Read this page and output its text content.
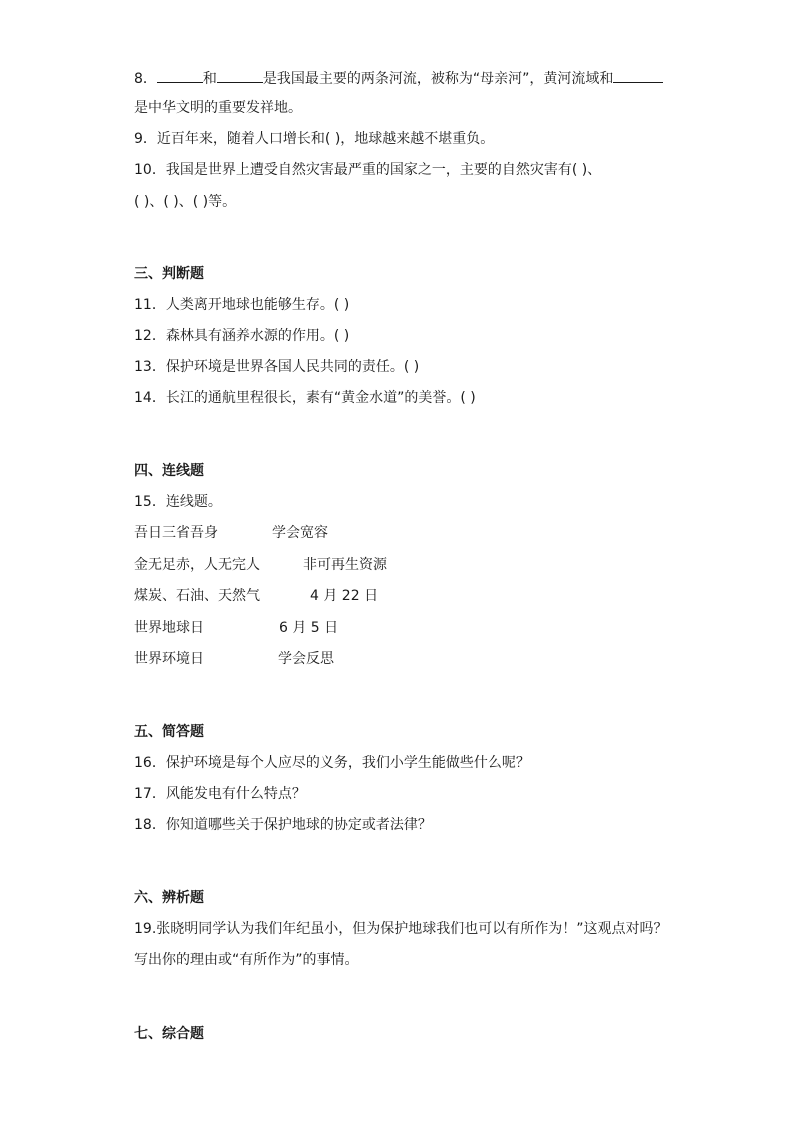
8．	和	是我国最主要的两条河流，被称为“母亲河”，黄河流域和
是中华文明的重要发祥地。
9．近百年来，随着人口增长和( )，地球越来越不堪重负。
10．我国是世界上遭受自然灾害最严重的国家之一，主要的自然灾害有( )、
( )、( )、( )等。
三、判断题
11．人类离开地球也能够生存。( )
12．森林具有涵养水源的作用。( )
13．保护环境是世界各国人民共同的责任。( )
14．长江的通航里程很长，素有“黄金水道”的美誉。( )
四、连线题
15．连线题。
吾日三省吾身	学会宽容
金无足赤，人无完人	非可再生资源
煤炭、石油、天然气	4 月 22 日
世界地球日	6 月 5 日
世界环境日	学会反思
五、简答题
16．保护环境是每个人应尽的义务，我们小学生能做些什么呢？
17．风能发电有什么特点？
18．你知道哪些关于保护地球的协定或者法律？
六、辨析题
19.张晓明同学认为我们年纪虽小，但为保护地球我们也可以有所作为！”这观点对吗？
写出你的理由或“有所作为”的事情。
七、综合题
